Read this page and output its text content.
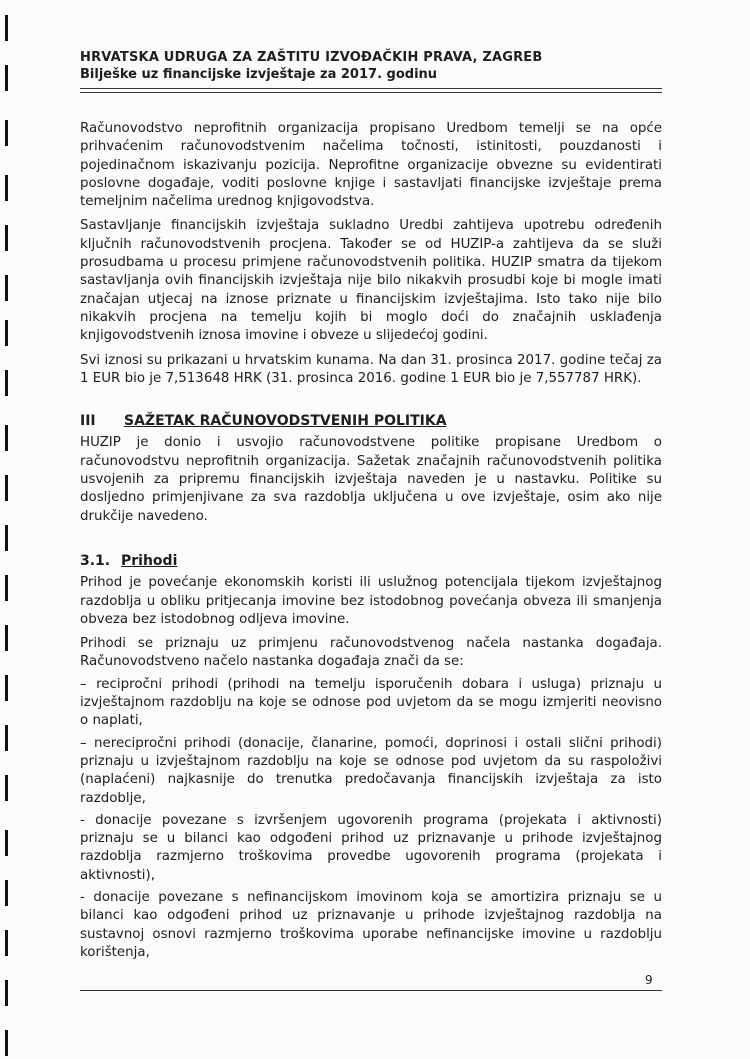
HRVATSKA UDRUGA ZA ZAŠTITU IZVOĐAČKIH PRAVA, ZAGREB
Bilješke uz financijske izvještaje za 2017. godinu

Računovodstvo neprofitnih organizacija propisano Uredbom temelji se na opće prihvaćenim računovodstvenim načelima točnosti, istinitosti, pouzdanosti i pojedinačnom iskazivanju pozicija. Neprofitne organizacije obvezne su evidentirati poslovne događaje, voditi poslovne knjige i sastavljati financijske izvještaje prema temeljnim načelima urednog knjigovodstva.

Sastavljanje financijskih izvještaja sukladno Uredbi zahtijeva upotrebu određenih ključnih računovodstvenih procjena. Također se od HUZIP-a zahtijeva da se služi prosudbama u procesu primjene računovodstvenih politika. HUZIP smatra da tijekom sastavljanja ovih financijskih izvještaja nije bilo nikakvih prosudbi koje bi mogle imati značajan utjecaj na iznose priznate u financijskim izvještajima. Isto tako nije bilo nikakvih procjena na temelju kojih bi moglo doći do značajnih usklađenja knjigovodstvenih iznosa imovine i obveze u slijedećoj godini.

Svi iznosi su prikazani u hrvatskim kunama. Na dan 31. prosinca 2017. godine tečaj za 1 EUR bio je 7,513648 HRK (31. prosinca 2016. godine 1 EUR bio je 7,557787 HRK).

III	SAŽETAK RAČUNOVODSTVENIH POLITIKA

HUZIP je donio i usvojio računovodstvene politike propisane Uredbom o računovodstvu neprofitnih organizacija. Sažetak značajnih računovodstvenih politika usvojenih za pripremu financijskih izvještaja naveden je u nastavku. Politike su dosljedno primjenjivane za sva razdoblja uključena u ove izvještaje, osim ako nije drukčije navedeno.

3.1. Prihodi

Prihod je povećanje ekonomskih koristi ili uslužnog potencijala tijekom izvještajnog razdoblja u obliku pritjecanja imovine bez istodobnog povećanja obveza ili smanjenja obveza bez istodobnog odljeva imovine.

Prihodi se priznaju uz primjenu računovodstvenog načela nastanka događaja. Računovodstveno načelo nastanka događaja znači da se:

– recipročni prihodi (prihodi na temelju isporučenih dobara i usluga) priznaju u izvještajnom razdoblju na koje se odnose pod uvjetom da se mogu izmjeriti neovisno o naplati,

– nerecipročni prihodi (donacije, članarine, pomoći, doprinosi i ostali slični prihodi) priznaju u izvještajnom razdoblju na koje se odnose pod uvjetom da su raspoloživi (naplaćeni) najkasnije do trenutka predočavanja financijskih izvještaja za isto razdoblje,

- donacije povezane s izvršenjem ugovorenih programa (projekata i aktivnosti) priznaju se u bilanci kao odgođeni prihod uz priznavanje u prihode izvještajnog razdoblja razmjerno troškovima provedbe ugovorenih programa (projekata i aktivnosti),

- donacije povezane s nefinancijskom imovinom koja se amortizira priznaju se u bilanci kao odgođeni prihod uz priznavanje u prihode izvještajnog razdoblja na sustavnoj osnovi razmjerno troškovima uporabe nefinancijske imovine u razdoblju korištenja,

9
